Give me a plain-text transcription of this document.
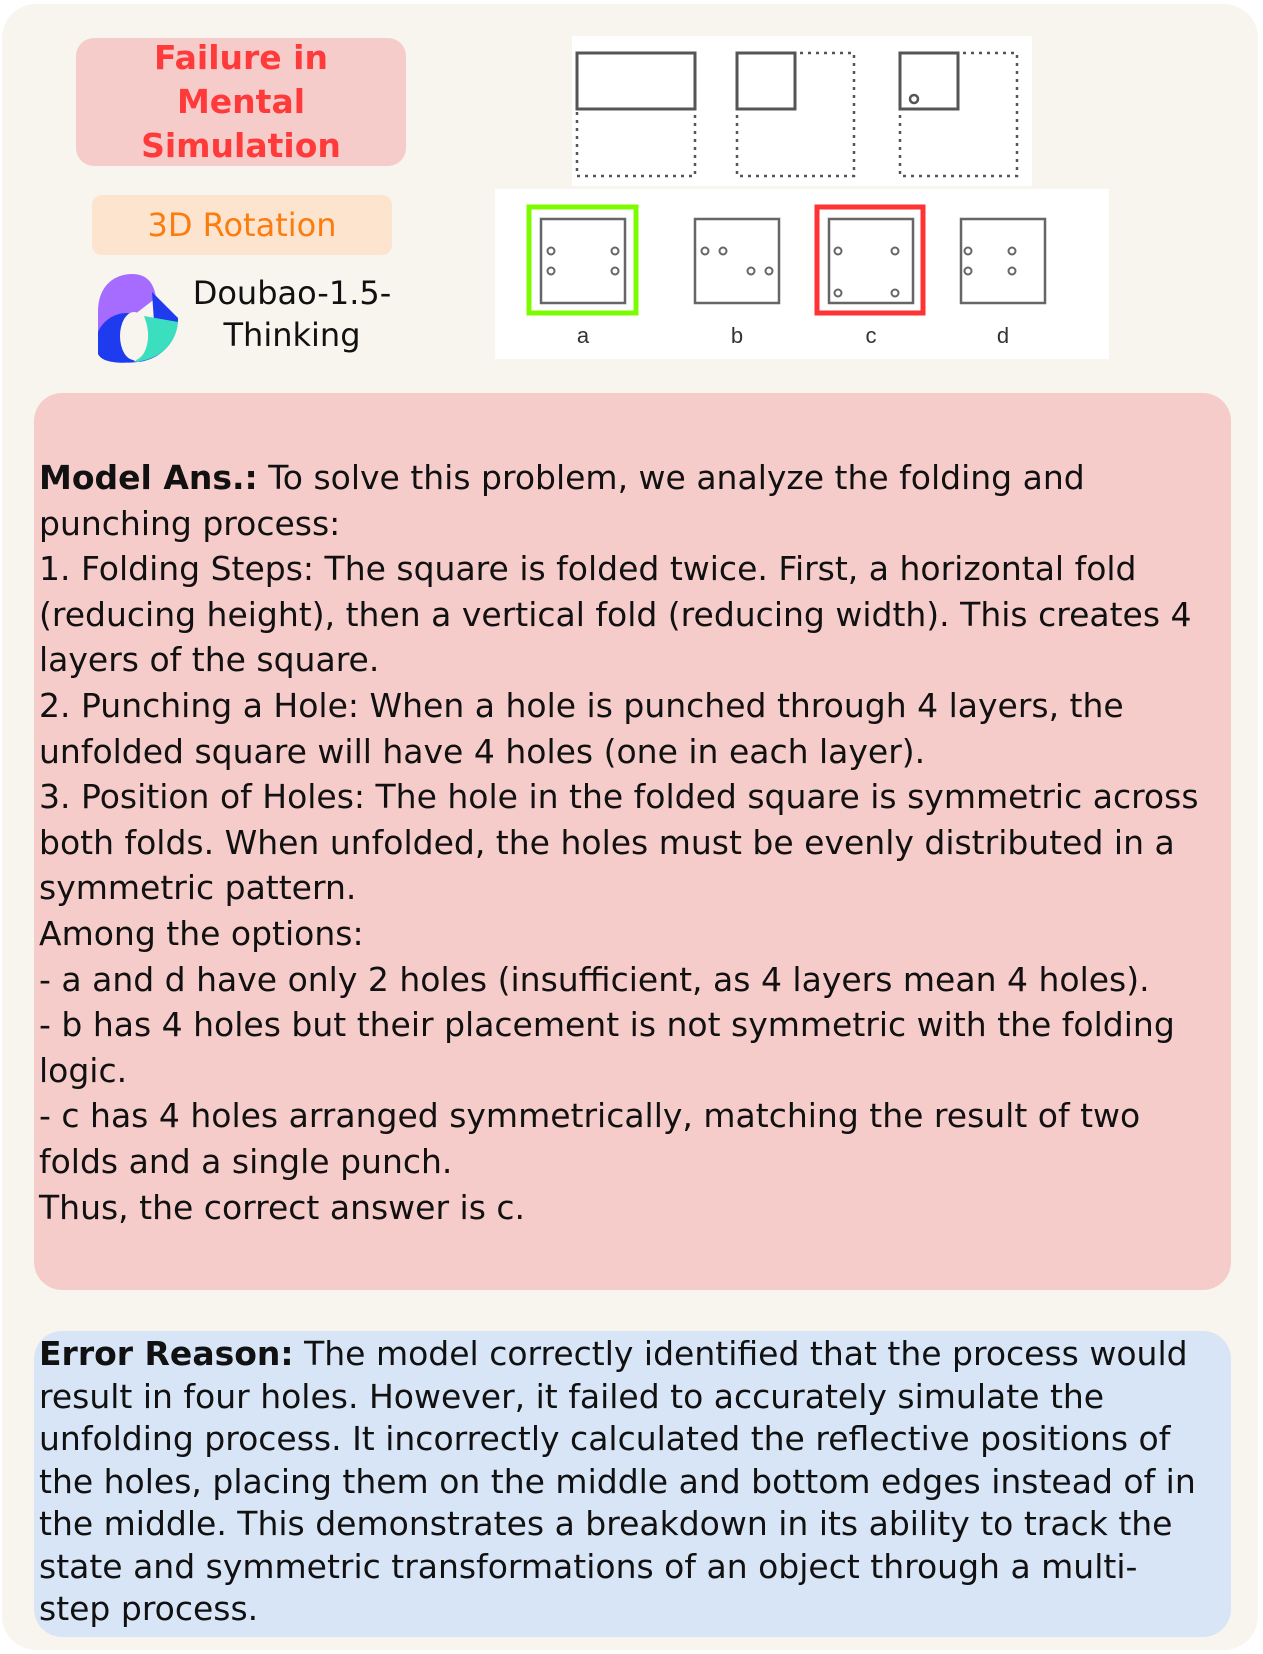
Failure in Mental Simulation
3D Rotation
Doubao-1.5-
Thinking	a	b	c	d
Model Ans.: To solve this problem, we analyze the folding and
punching process:
1. Folding Steps: The square is folded twice. First, a horizontal fold
(reducing height), then a vertical fold (reducing width). This creates 4
layers of the square.
2. Punching a Hole: When a hole is punched through 4 layers, the
unfolded square will have 4 holes (one in each layer).
3. Position of Holes: The hole in the folded square is symmetric across
both folds. When unfolded, the holes must be evenly distributed in a
symmetric pattern.
Among the options:
- a and d have only 2 holes (insufficient, as 4 layers mean 4 holes).
- b has 4 holes but their placement is not symmetric with the folding
logic.
- c has 4 holes arranged symmetrically, matching the result of two
folds and a single punch.
Thus, the correct answer is c.
Error Reason: The model correctly identified that the process would
result in four holes. However, it failed to accurately simulate the
unfolding process. It incorrectly calculated the reflective positions of
the holes, placing them on the middle and bottom edges instead of in
the middle. This demonstrates a breakdown in its ability to track the
state and symmetric transformations of an object through a multi-
step process.
